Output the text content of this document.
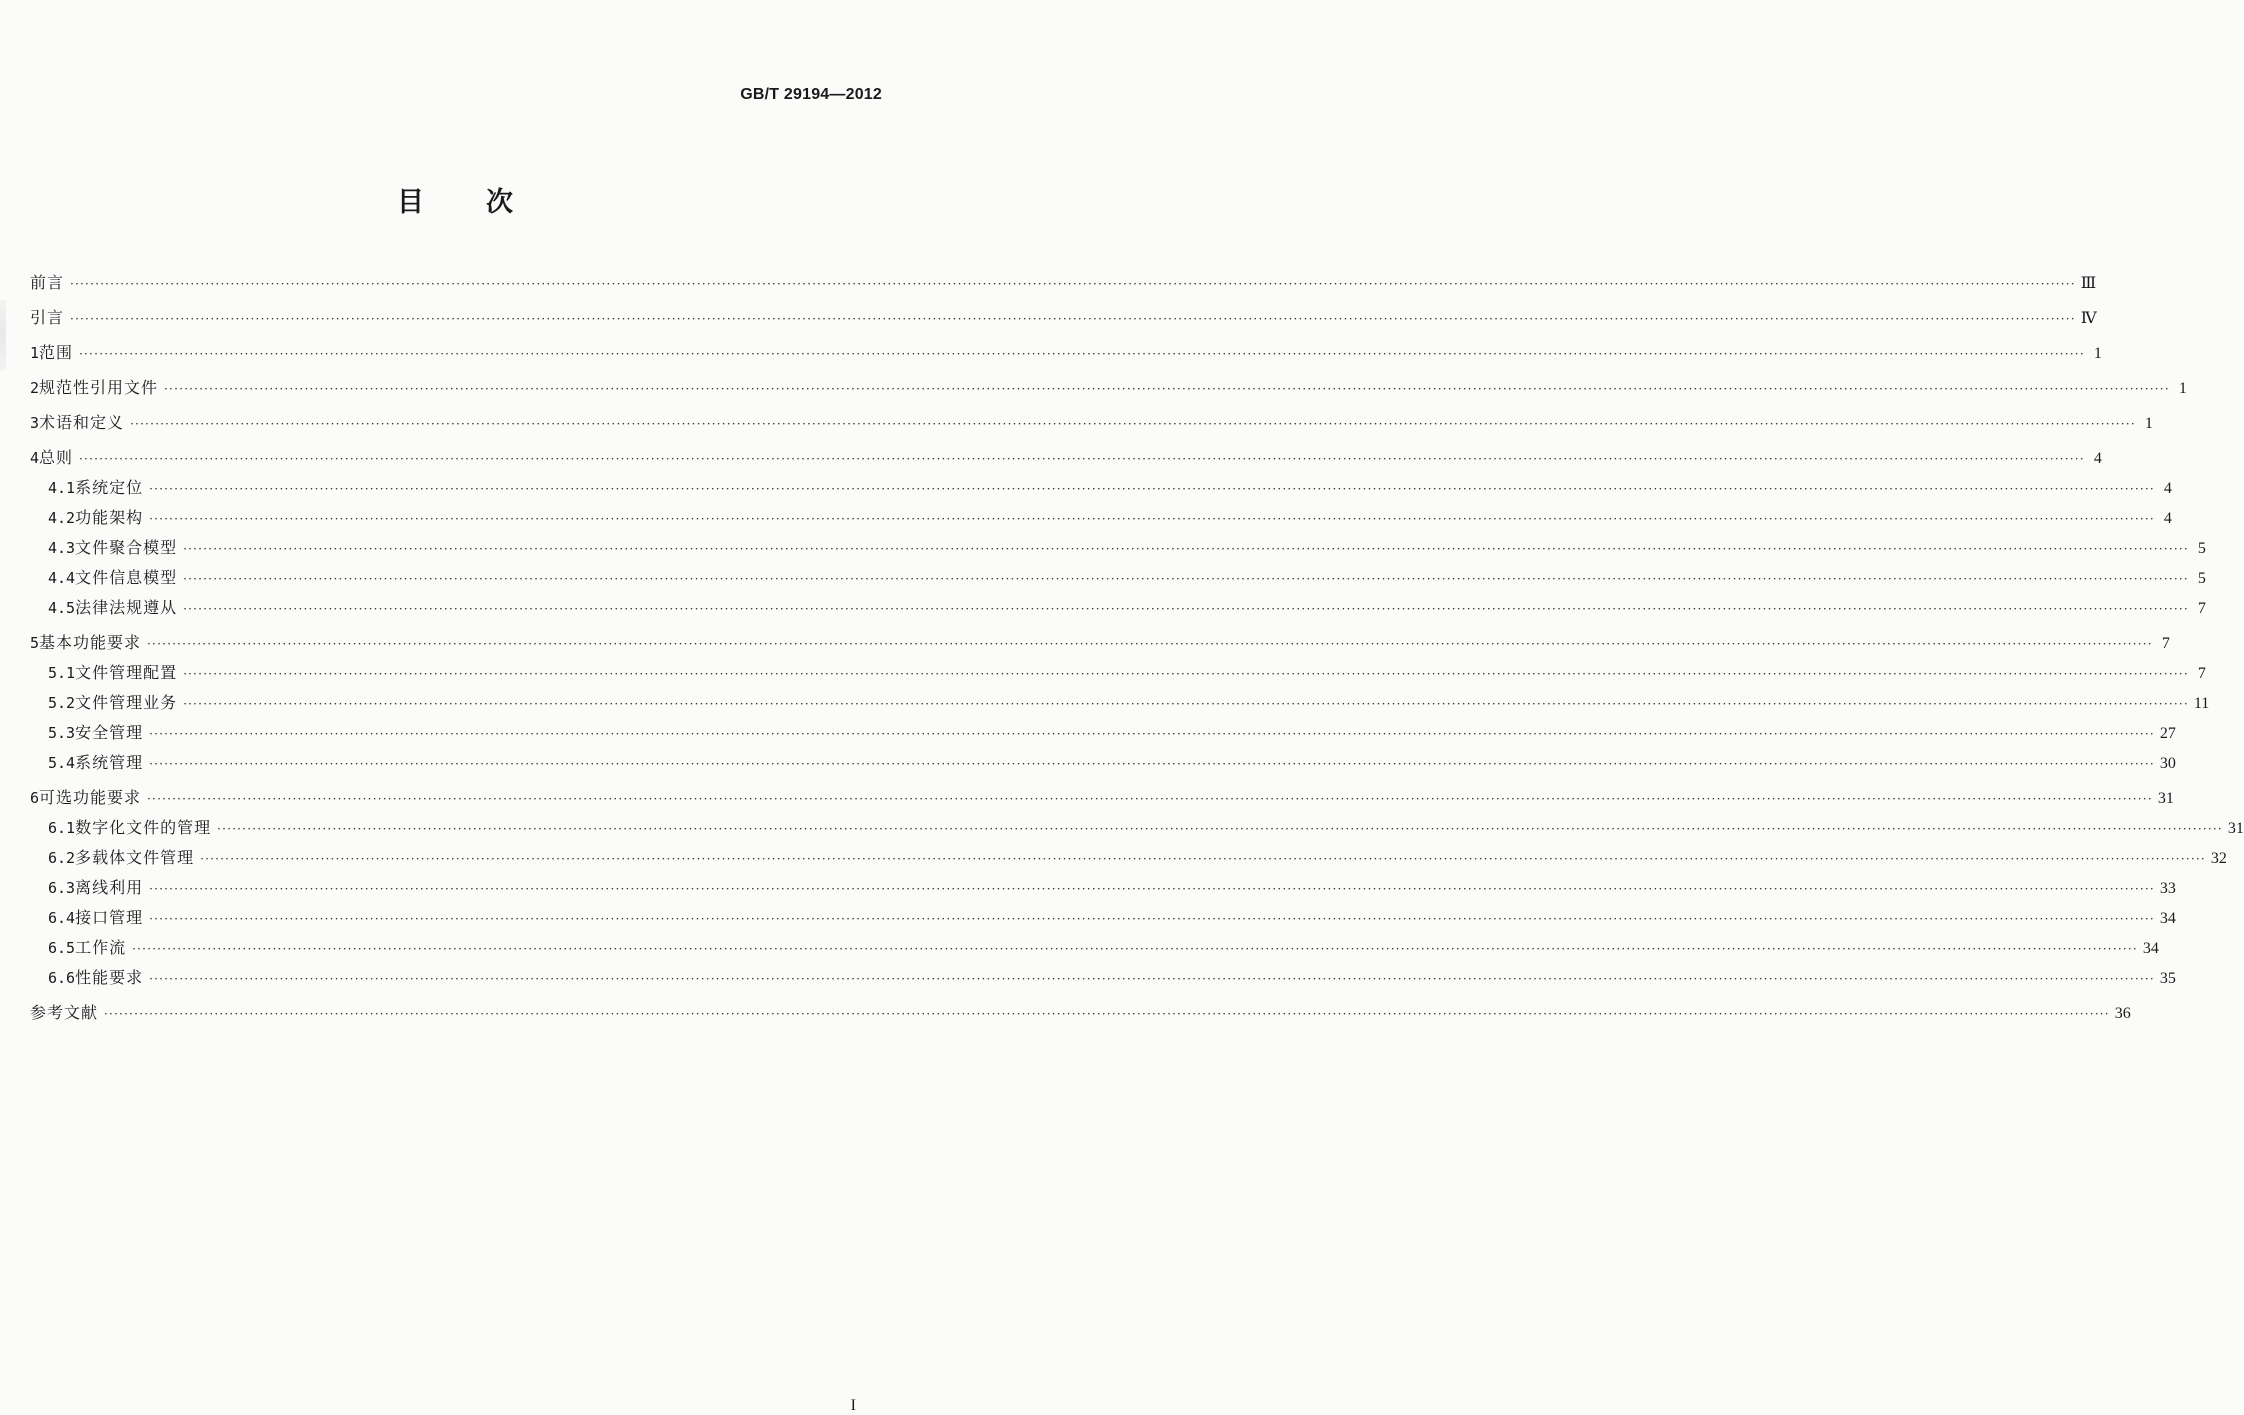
GB/T 29194—2012
目次
前言 ················································································································································································································································································································································································································ Ⅲ
引言 ················································································································································································································································································································································································································ Ⅳ
1 范围 ················································································································································································································································································································································································································ 1
2 规范性引用文件 ················································································································································································································································································································································································································ 1
3 术语和定义 ················································································································································································································································································································································································································ 1
4 总则 ················································································································································································································································································································································································································ 4
4.1 系统定位 ················································································································································································································································································································································································································ 4
4.2 功能架构 ················································································································································································································································································································································································································ 4
4.3 文件聚合模型 ················································································································································································································································································································································································································ 5
4.4 文件信息模型 ················································································································································································································································································································································································································ 5
4.5 法律法规遵从 ················································································································································································································································································································································································································ 7
5 基本功能要求 ················································································································································································································································································································································································································ 7
5.1 文件管理配置 ················································································································································································································································································································································································································ 7
5.2 文件管理业务 ················································································································································································································································································································································································································ 11
5.3 安全管理 ················································································································································································································································································································································································································ 27
5.4 系统管理 ················································································································································································································································································································································································································ 30
6 可选功能要求 ················································································································································································································································································································································································································ 31
6.1 数字化文件的管理 ················································································································································································································································································································································································································ 31
6.2 多载体文件管理 ················································································································································································································································································································································································································ 32
6.3 离线利用 ················································································································································································································································································································································································································ 33
6.4 接口管理 ················································································································································································································································································································································································································ 34
6.5 工作流 ················································································································································································································································································································································································································ 34
6.6 性能要求 ················································································································································································································································································································································································································ 35
参考文献 ················································································································································································································································································································································································································ 36
I
